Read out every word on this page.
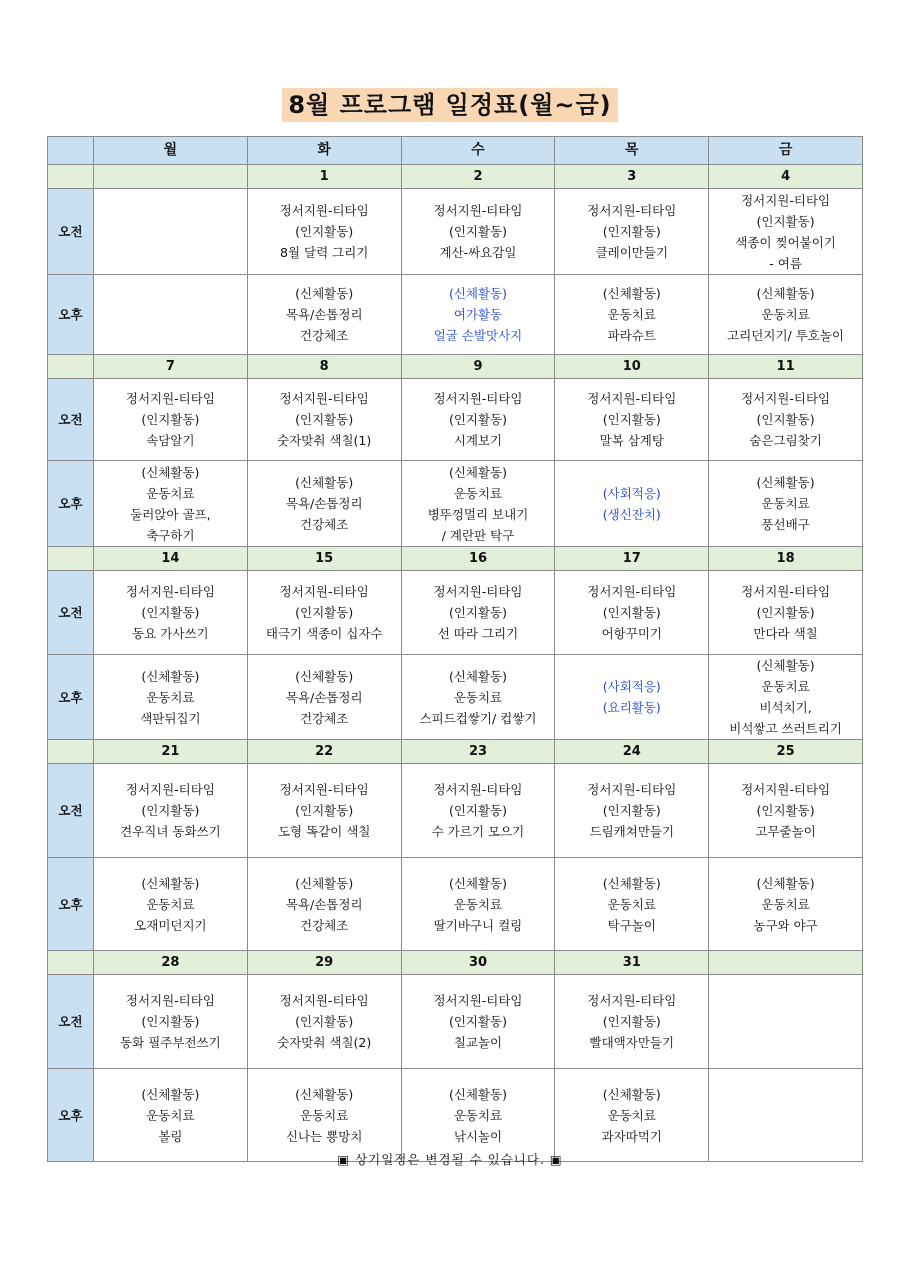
8월 프로그램 일정표(월~금)
	월	화	수	목	금
		1	2	3	4
오전		정서지원-티타임
(인지활동)
8월 달력 그리기	정서지원-티타임
(인지활동)
계산-싸요감일	정서지원-티타임
(인지활동)
클레이만들기	정서지원-티타임
(인지활동)
색종이 찢어붙이기
- 여름

오후		(신체활동)
목욕/손톱정리
건강체조	(신체활동)
여가활동
얼굴 손발맛사지	(신체활동)
운동치료
파라슈트	(신체활동)
운동치료
고리던지기/ 투호놀이

	7	8	9	10	11
오전	정서지원-티타임
(인지활동)
속담알기	정서지원-티타임
(인지활동)
숫자맞춰 색칠(1)	정서지원-티타임
(인지활동)
시계보기	정서지원-티타임
(인지활동)
말복 삼계탕	정서지원-티타임
(인지활동)
숨은그림찾기

오후	(신체활동)
운동치료
둘러앉아 골프,
축구하기	(신체활동)
목욕/손톱정리
건강체조	(신체활동)
운동치료
병뚜껑멀리 보내기
/ 계란판 탁구	(사회적응)
(생신잔치)	(신체활동)
운동치료
풍선배구

	14	15	16	17	18
오전	정서지원-티타임
(인지활동)
동요 가사쓰기	정서지원-티타임
(인지활동)
태극기 색종이 십자수	정서지원-티타임
(인지활동)
선 따라 그리기	정서지원-티타임
(인지활동)
어항꾸미기	정서지원-티타임
(인지활동)
만다라 색칠

오후	(신체활동)
운동치료
색판뒤집기	(신체활동)
목욕/손톱정리
건강체조	(신체활동)
운동치료
스피드컵쌓기/ 컵쌓기	(사회적응)
(요리활동)	(신체활동)
운동치료
비석치기,
비석쌓고 쓰러트리기

	21	22	23	24	25
오전	정서지원-티타임
(인지활동)
견우직녀 동화쓰기	정서지원-티타임
(인지활동)
도형 똑같이 색칠	정서지원-티타임
(인지활동)
수 가르기 모으기	정서지원-티타임
(인지활동)
드림캐쳐만들기	정서지원-티타임
(인지활동)
고무줄놀이

오후	(신체활동)
운동치료
오재미던지기	(신체활동)
목욕/손톱정리
건강체조	(신체활동)
운동치료
딸기바구니 컬링	(신체활동)
운동치료
탁구놀이	(신체활동)
운동치료
농구와 야구

	28	29	30	31	
오전	정서지원-티타임
(인지활동)
동화 필주부전쓰기	정서지원-티타임
(인지활동)
숫자맞춰 색칠(2)	정서지원-티타임
(인지활동)
칠교놀이	정서지원-티타임
(인지활동)
빨대액자만들기	

오후	(신체활동)
운동치료
볼링	(신체활동)
운동치료
신나는 뿅망치	(신체활동)
운동치료
낚시놀이	(신체활동)
운동치료
과자따먹기	

▣ 상기일정은 변경될 수 있습니다. ▣
